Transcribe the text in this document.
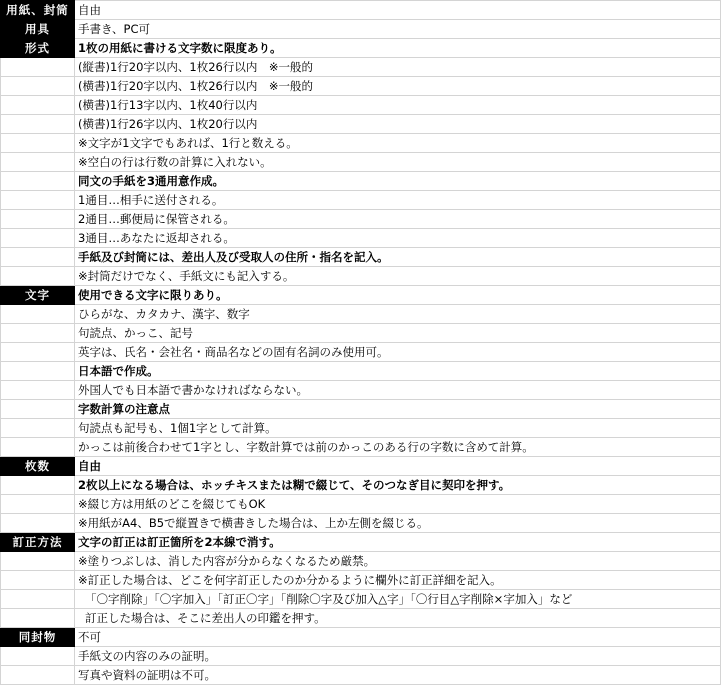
用紙、封筒	自由
用具	手書き、PC可
形式	1枚の用紙に書ける文字数に限度あり。
	(縦書)1行20字以内、1枚26行以内　※一般的
	(横書)1行20字以内、1枚26行以内　※一般的
	(横書)1行13字以内、1枚40行以内
	(横書)1行26字以内、1枚20行以内
	※文字が1文字でもあれば、1行と数える。
	※空白の行は行数の計算に入れない。
	同文の手紙を3通用意作成。
	1通目…相手に送付される。
	2通目…郵便局に保管される。
	3通目…あなたに返却される。
	手紙及び封筒には、差出人及び受取人の住所・指名を記入。
	※封筒だけでなく、手紙文にも記入する。
文字	使用できる文字に限りあり。
	ひらがな、カタカナ、漢字、数字
	句読点、かっこ、記号
	英字は、氏名・会社名・商品名などの固有名詞のみ使用可。
	日本語で作成。
	外国人でも日本語で書かなければならない。
	字数計算の注意点
	句読点も記号も、1個1字として計算。
	かっこは前後合わせて1字とし、字数計算では前のかっこのある行の字数に含めて計算。
枚数	自由
	2枚以上になる場合は、ホッチキスまたは糊で綴じて、そのつなぎ目に契印を押す。
	※綴じ方は用紙のどこを綴じてもOK
	※用紙がA4、B5で縦置きで横書きした場合は、上か左側を綴じる。
訂正方法	文字の訂正は訂正箇所を2本線で消す。
	※塗りつぶしは、消した内容が分からなくなるため厳禁。
	※訂正した場合は、どこを何字訂正したのか分かるように欄外に訂正詳細を記入。
	「〇字削除」「〇字加入」「訂正〇字」「削除〇字及び加入△字」「〇行目△字削除×字加入」など
	訂正した場合は、そこに差出人の印鑑を押す。
同封物	不可
	手紙文の内容のみの証明。
	写真や資料の証明は不可。
